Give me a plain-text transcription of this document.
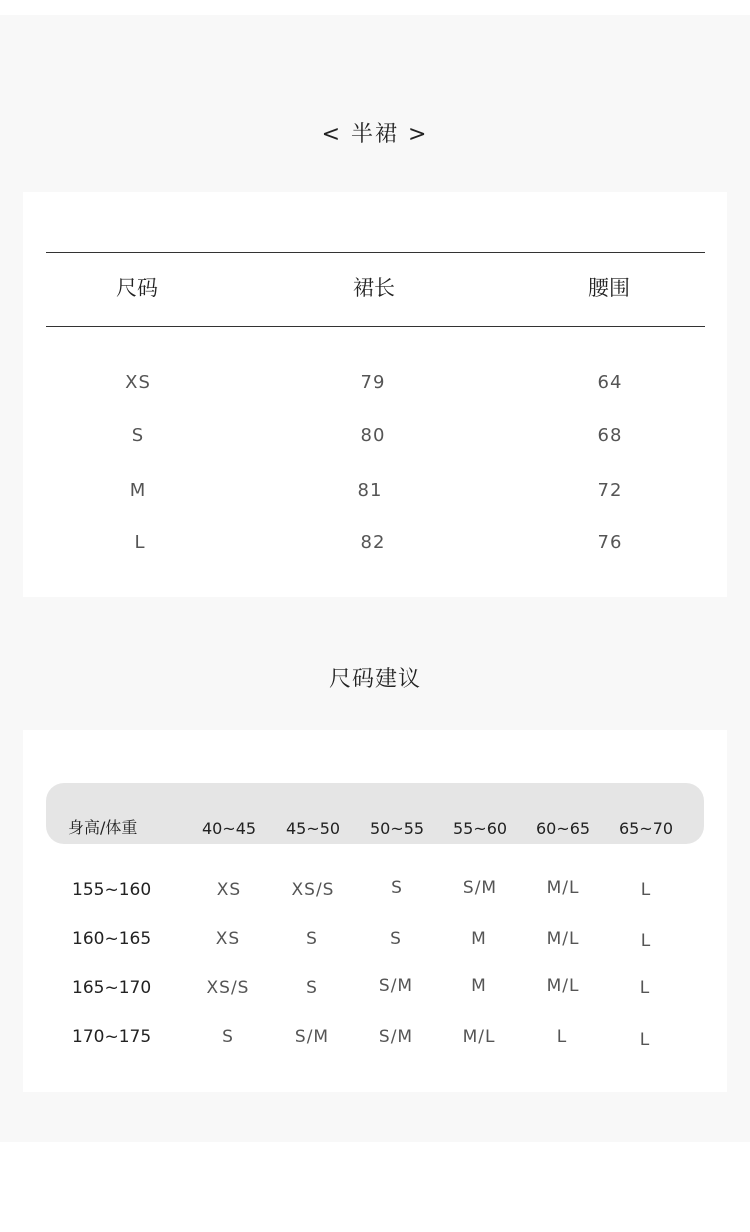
< 半裙 >
尺码	裙长	腰围
XS	79	64
S	80	68
M	81	72
L	82	76
尺码建议
身高/体重	40~45	45~50	50~55	55~60	60~65	65~70
155~160	XS	XS/S	S	S/M	M/L	L
160~165	XS	S	S	M	M/L	L
165~170	XS/S	S	S/M	M	M/L	L
170~175	S	S/M	S/M	M/L	L	L
